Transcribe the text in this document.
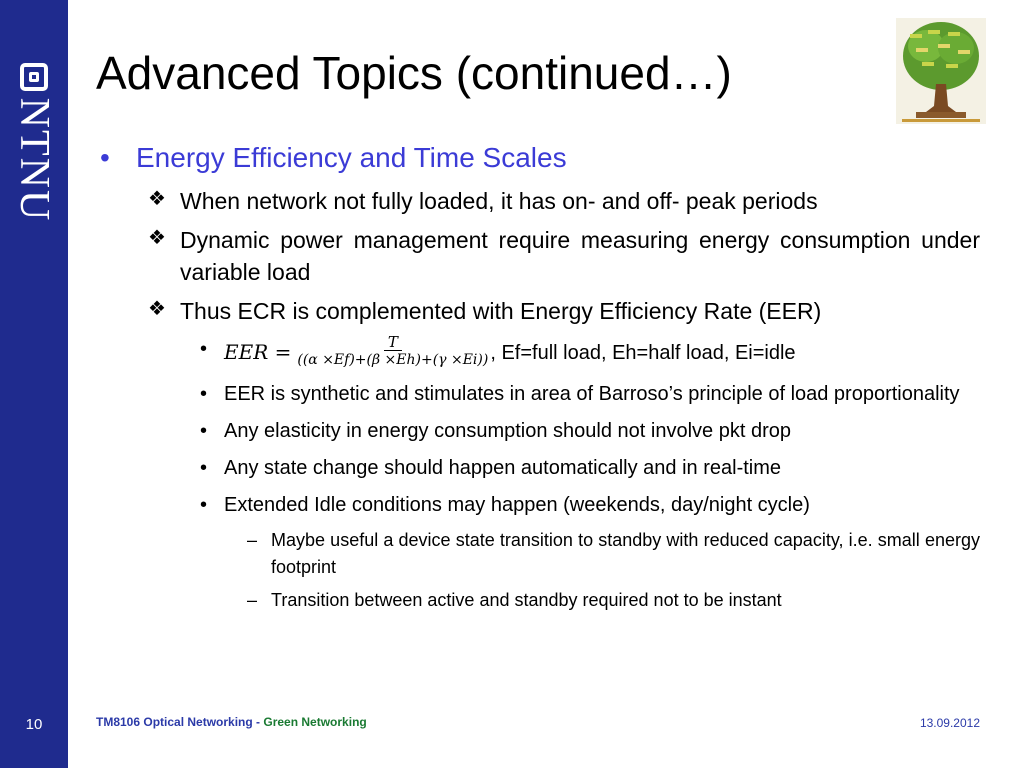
NTNU
10
Advanced Topics (continued…)
• Energy Efficiency and Time Scales
❖ When network not fully loaded, it has on- and off- peak periods
❖ Dynamic power management require measuring energy consumption under variable load
❖ Thus ECR is complemented with Energy Efficiency Rate (EER)
• EER = $\frac{T}{((\alpha \times Ef)+(\beta \times Eh)+(\gamma \times Ei))}$ , Ef=full load, Eh=half load, Ei=idle
• EER is synthetic and stimulates in area of Barroso’s principle of load proportionality
• Any elasticity in energy consumption should not involve pkt drop
• Any state change should happen automatically and in real-time
• Extended Idle conditions may happen (weekends, day/night cycle)
– Maybe useful a device state transition to standby with reduced capacity, i.e. small energy footprint
– Transition between active and standby required not to be instant
TM8106 Optical Networking - Green Networking	13.09.2012
